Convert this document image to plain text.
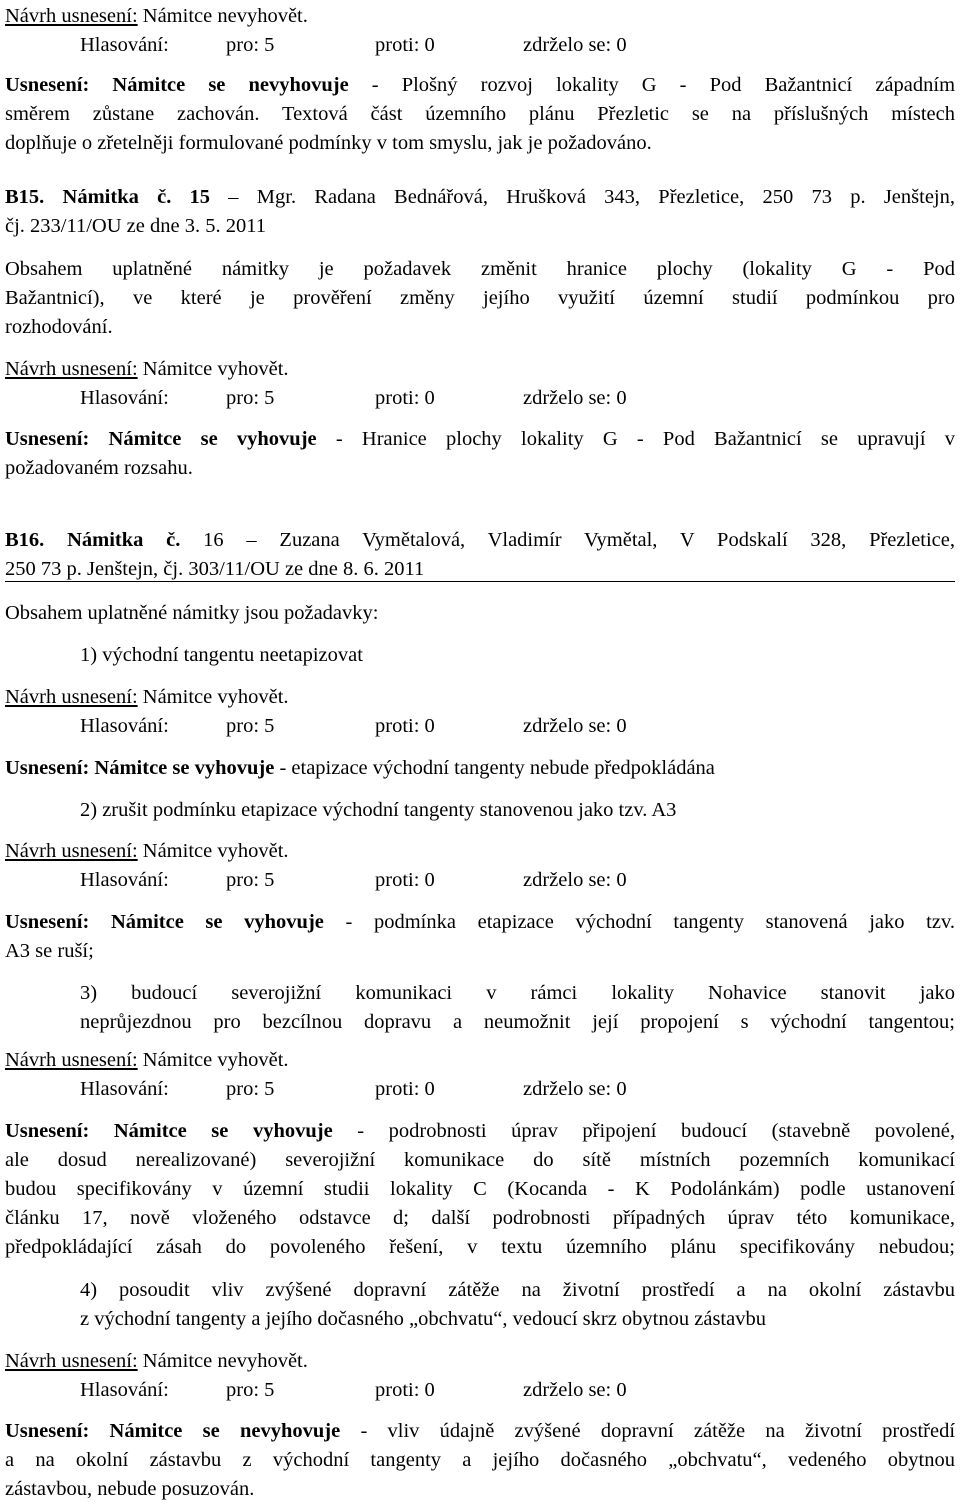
Návrh usnesení: Námitce nevyhovět.
Hlasování:	pro: 5	proti: 0	zdrželo se: 0
Usnesení: Námitce se nevyhovuje - Plošný rozvoj lokality G - Pod Bažantnicí západním
směrem zůstane zachován. Textová část územního plánu Přezletic se na příslušných místech
doplňuje o zřetelněji formulované podmínky v tom smyslu, jak je požadováno.
B15. Námitka č. 15 – Mgr. Radana Bednářová, Hrušková 343, Přezletice, 250 73 p. Jenštejn,
čj. 233/11/OU ze dne 3. 5. 2011
Obsahem uplatněné námitky je požadavek změnit hranice plochy (lokality G - Pod
Bažantnicí), ve které je prověření změny jejího využití územní studií podmínkou pro
rozhodování.
Návrh usnesení: Námitce vyhovět.
Hlasování:	pro: 5	proti: 0	zdrželo se: 0
Usnesení: Námitce se vyhovuje - Hranice plochy lokality G - Pod Bažantnicí se upravují v
požadovaném rozsahu.
B16. Námitka č. 16 – Zuzana Vymětalová, Vladimír Vymětal, V Podskalí 328, Přezletice,
250 73 p. Jenštejn, čj. 303/11/OU ze dne 8. 6. 2011
Obsahem uplatněné námitky jsou požadavky:
1) východní tangentu neetapizovat
Návrh usnesení: Námitce vyhovět.
Hlasování:	pro: 5	proti: 0	zdrželo se: 0
Usnesení: Námitce se vyhovuje - etapizace východní tangenty nebude předpokládána
2) zrušit podmínku etapizace východní tangenty stanovenou jako tzv. A3
Návrh usnesení: Námitce vyhovět.
Hlasování:	pro: 5	proti: 0	zdrželo se: 0
Usnesení: Námitce se vyhovuje - podmínka etapizace východní tangenty stanovená jako tzv.
A3 se ruší;
3) budoucí severojižní komunikaci v rámci lokality Nohavice stanovit jako
neprůjezdnou pro bezcílnou dopravu a neumožnit její propojení s východní tangentou;
Návrh usnesení: Námitce vyhovět.
Hlasování:	pro: 5	proti: 0	zdrželo se: 0
Usnesení: Námitce se vyhovuje - podrobnosti úprav připojení budoucí (stavebně povolené,
ale dosud nerealizované) severojižní komunikace do sítě místních pozemních komunikací
budou specifikovány v územní studii lokality C (Kocanda - K Podolánkám) podle ustanovení
článku 17, nově vloženého odstavce d; další podrobnosti případných úprav této komunikace,
předpokládající zásah do povoleného řešení, v textu územního plánu specifikovány nebudou;
4) posoudit vliv zvýšené dopravní zátěže na životní prostředí a na okolní zástavbu
z východní tangenty a jejího dočasného „obchvatu“, vedoucí skrz obytnou zástavbu
Návrh usnesení: Námitce nevyhovět.
Hlasování:	pro: 5	proti: 0	zdrželo se: 0
Usnesení: Námitce se nevyhovuje - vliv údajně zvýšené dopravní zátěže na životní prostředí
a na okolní zástavbu z východní tangenty a jejího dočasného „obchvatu“, vedeného obytnou
zástavbou, nebude posuzován.
